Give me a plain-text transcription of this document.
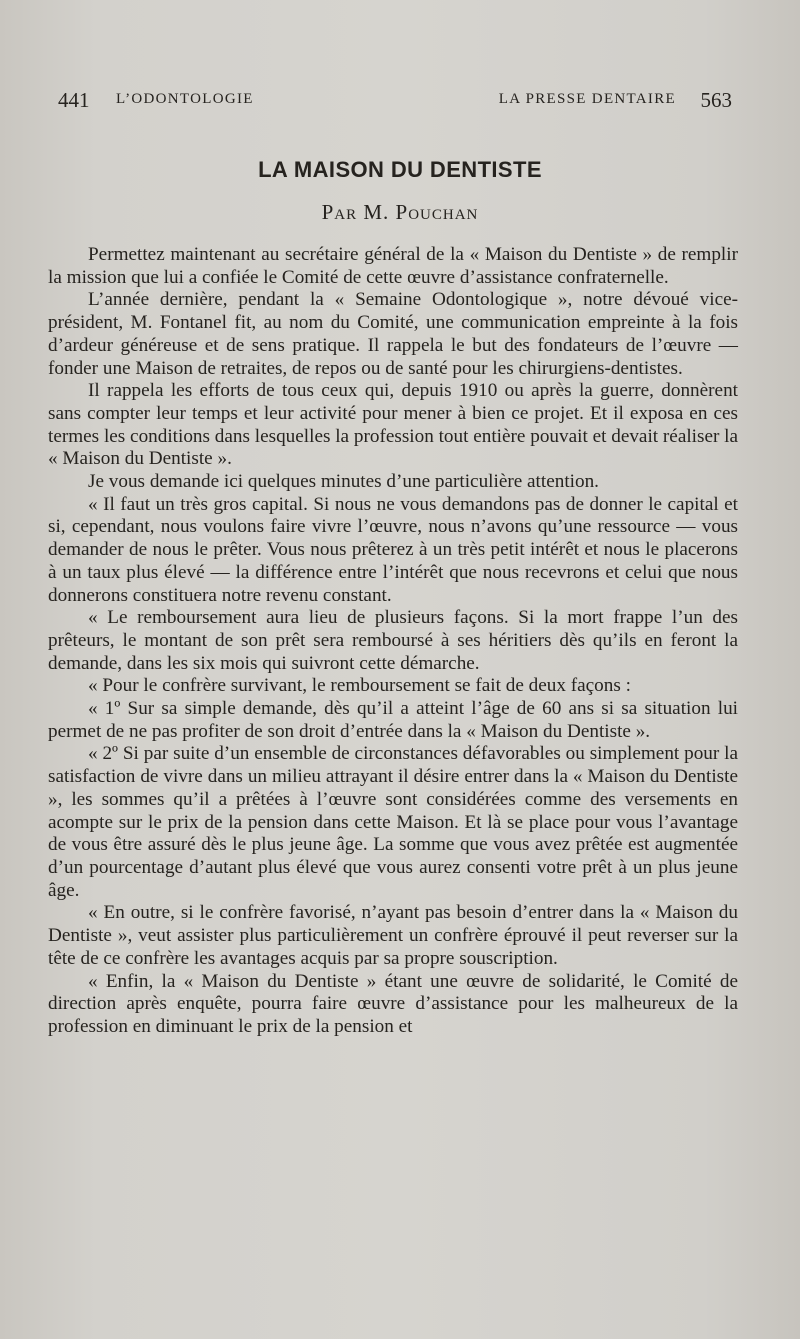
441 L’ODONTOLOGIE	LA PRESSE DENTAIRE 563
LA MAISON DU DENTISTE
Par M. Pouchan

Permettez maintenant au secrétaire général de la « Maison du Dentiste » de remplir la mission que lui a confiée le Comité de cette œuvre d’assistance confraternelle.

L’année dernière, pendant la « Semaine Odontologique », notre dévoué vice-président, M. Fontanel fit, au nom du Comité, une communication empreinte à la fois d’ardeur généreuse et de sens pratique. Il rappela le but des fondateurs de l’œuvre — fonder une Maison de retraites, de repos ou de santé pour les chirurgiens-dentistes.

Il rappela les efforts de tous ceux qui, depuis 1910 ou après la guerre, donnèrent sans compter leur temps et leur activité pour mener à bien ce projet. Et il exposa en ces termes les conditions dans lesquelles la profession tout entière pouvait et devait réaliser la « Maison du Dentiste ».

Je vous demande ici quelques minutes d’une particulière attention.

« Il faut un très gros capital. Si nous ne vous demandons pas de donner le capital et si, cependant, nous voulons faire vivre l’œuvre, nous n’avons qu’une ressource — vous demander de nous le prêter. Vous nous prêterez à un très petit intérêt et nous le placerons à un taux plus élevé — la différence entre l’intérêt que nous recevrons et celui que nous donnerons constituera notre revenu constant.

« Le remboursement aura lieu de plusieurs façons. Si la mort frappe l’un des prêteurs, le montant de son prêt sera remboursé à ses héritiers dès qu’ils en feront la demande, dans les six mois qui suivront cette démarche.

« Pour le confrère survivant, le remboursement se fait de deux façons :

« 1º Sur sa simple demande, dès qu’il a atteint l’âge de 60 ans si sa situation lui permet de ne pas profiter de son droit d’entrée dans la « Maison du Dentiste ».

« 2º Si par suite d’un ensemble de circonstances défavorables ou simplement pour la satisfaction de vivre dans un milieu attrayant il désire entrer dans la « Maison du Dentiste », les sommes qu’il a prêtées à l’œuvre sont considérées comme des versements en acompte sur le prix de la pension dans cette Maison. Et là se place pour vous l’avantage de vous être assuré dès le plus jeune âge. La somme que vous avez prêtée est augmentée d’un pourcentage d’autant plus élevé que vous aurez consenti votre prêt à un plus jeune âge.

« En outre, si le confrère favorisé, n’ayant pas besoin d’entrer dans la « Maison du Dentiste », veut assister plus particulièrement un confrère éprouvé il peut reverser sur la tête de ce confrère les avantages acquis par sa propre souscription.

« Enfin, la « Maison du Dentiste » étant une œuvre de solidarité, le Comité de direction après enquête, pourra faire œuvre d’assistance pour les malheureux de la profession en diminuant le prix de la pension et
